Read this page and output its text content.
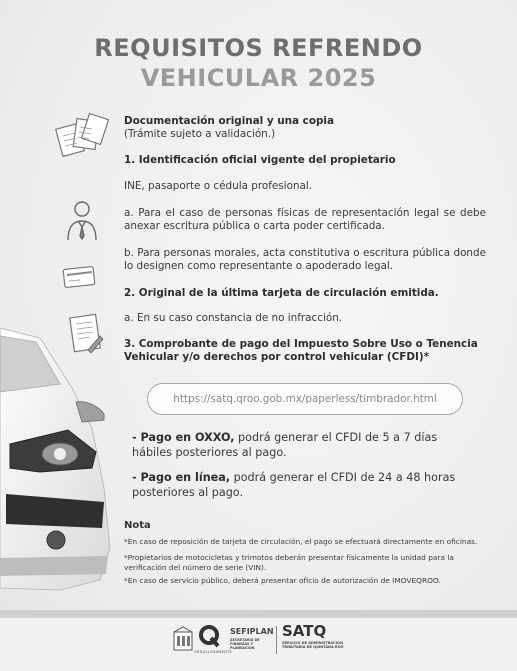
REQUISITOS REFRENDO
VEHICULAR 2025
Documentación original y una copia
(Trámite sujeto a validación.)
1. Identificación oficial vigente del propietario
INE, pasaporte o cédula profesional.
a. Para el caso de personas físicas de representación legal se debe anexar escritura pública o carta poder certificada.
b. Para personas morales, acta constitutiva o escritura pública donde lo designen como representante o apoderado legal.
2. Original de la última tarjeta de circulación emitida.
a. En su caso constancia de no infracción.
3. Comprobante de pago del Impuesto Sobre Uso o Tenencia Vehicular y/o derechos por control vehicular (CFDI)*
https://satq.qroo.gob.mx/paperless/timbrador.html
- Pago en OXXO, podrá generar el CFDI de 5 a 7 días hábiles posteriores al pago.
- Pago en línea, podrá generar el CFDI de 24 a 48 horas posteriores al pago.
Nota
*En caso de reposición de tarjeta de circulación, el pago se efectuará directamente en oficinas.
*Propietarios de motocicletas y trimotos deberán presentar físicamente la unidad para la verificación del número de serie (VIN).
*En caso de servicio público, deberá presentar oficio de autorización de IMOVEQROO.
ORGULLOSAMENTE
SEFIPLAN
SECRETARÍA DE FINANZAS Y PLANEACIÓN
SATQ
SERVICIO DE ADMINISTRACIÓN TRIBUTARIA DE QUINTANA ROO
